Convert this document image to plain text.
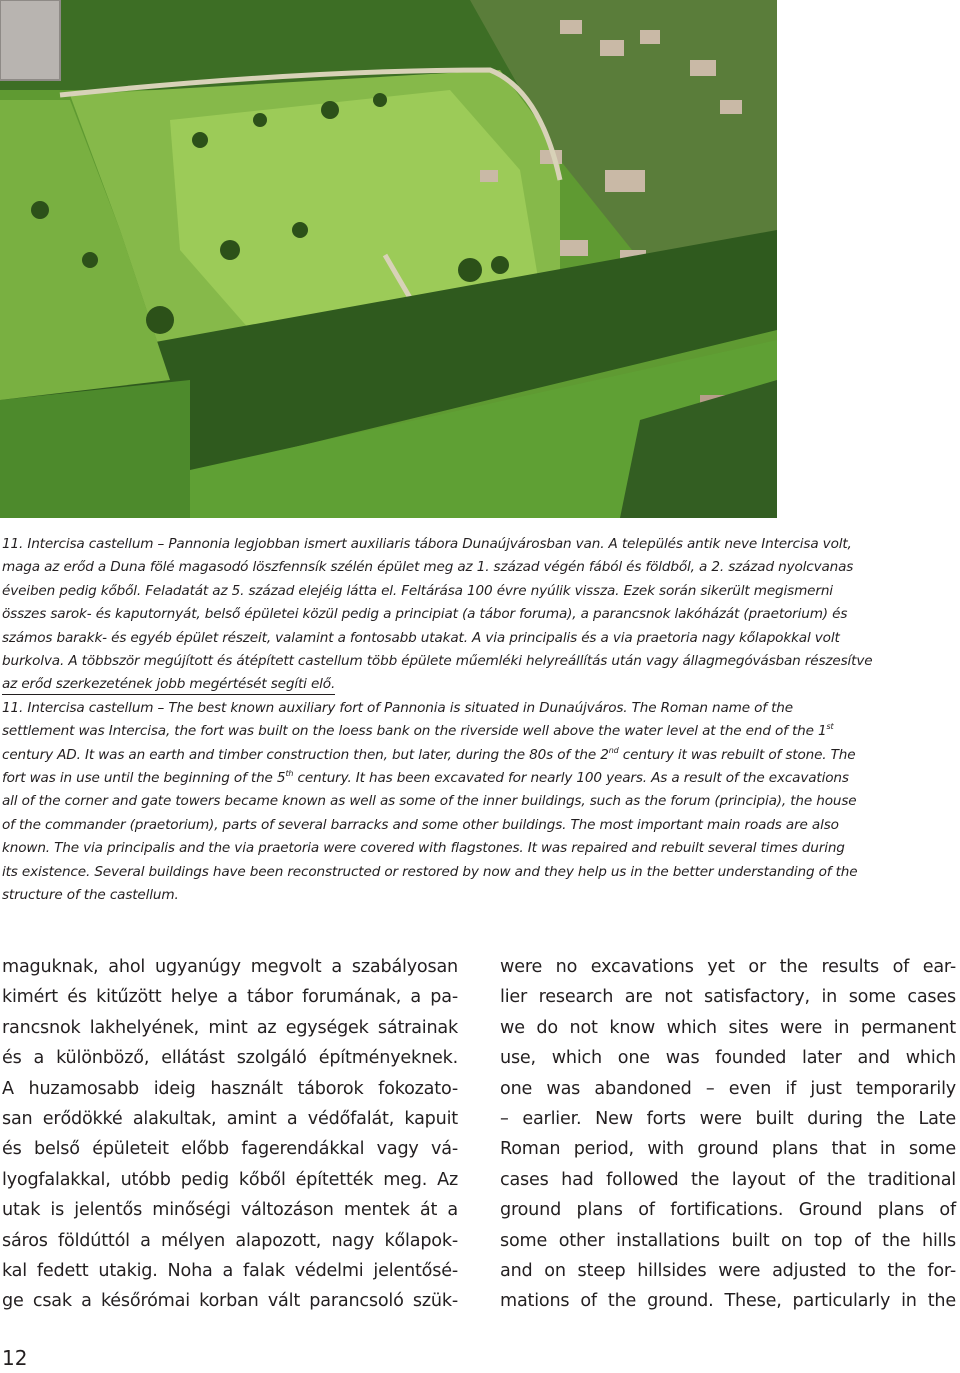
11. Intercisa castellum – Pannonia legjobban ismert auxiliaris tábora Dunaújvárosban van. A település antik neve Intercisa volt,
maga az erőd a Duna fölé magasodó löszfennsík szélén épület meg az 1. század végén fából és földből, a 2. század nyolcvanas
éveiben pedig kőből. Feladatát az 5. század elejéig látta el. Feltárása 100 évre nyúlik vissza. Ezek során sikerült megismerni
összes sarok- és kaputornyát, belső épületei közül pedig a principiat (a tábor foruma), a parancsnok lakóházát (praetorium) és
számos barakk- és egyéb épület részeit, valamint a fontosabb utakat. A via principalis és a via praetoria nagy kőlapokkal volt
burkolva. A többször megújított és átépített castellum több épülete műemléki helyreállítás után vagy állagmegóvásban részesítve
az erőd szerkezetének jobb megértését segíti elő.

11. Intercisa castellum – The best known auxiliary fort of Pannonia is situated in Dunaújváros. The Roman name of the
settlement was Intercisa, the fort was built on the loess bank on the riverside well above the water level at the end of the 1st
century AD. It was an earth and timber construction then, but later, during the 80s of the 2nd century it was rebuilt of stone. The
fort was in use until the beginning of the 5th century. It has been excavated for nearly 100 years. As a result of the excavations
all of the corner and gate towers became known as well as some of the inner buildings, such as the forum (principia), the house
of the commander (praetorium), parts of several barracks and some other buildings. The most important main roads are also
known. The via principalis and the via praetoria were covered with flagstones. It was repaired and rebuilt several times during
its existence. Several buildings have been reconstructed or restored by now and they help us in the better understanding of the
structure of the castellum.

maguknak, ahol ugyanúgy megvolt a szabályosan
kimért és kitűzött helye a tábor forumának, a pa-
rancsnok lakhelyének, mint az egységek sátrainak
és a különböző, ellátást szolgáló építményeknek.
A huzamosabb ideig használt táborok fokozato-
san erődökké alakultak, amint a védőfalát, kapuit
és belső épületeit előbb fagerendákkal vagy vá-
lyogfalakkal, utóbb pedig kőből építették meg. Az
utak is jelentős minőségi változáson mentek át a
sáros földúttól a mélyen alapozott, nagy kőlapok-
kal fedett utakig. Noha a falak védelmi jelentősé-
ge csak a későrómai korban vált parancsoló szük-
were no excavations yet or the results of ear-
lier research are not satisfactory, in some cases
we do not know which sites were in permanent
use, which one was founded later and which
one was abandoned – even if just temporarily
– earlier. New forts were built during the Late
Roman period, with ground plans that in some
cases had followed the layout of the traditional
ground plans of fortifications. Ground plans of
some other installations built on top of the hills
and on steep hillsides were adjusted to the for-
mations of the ground. These, particularly in the
12
